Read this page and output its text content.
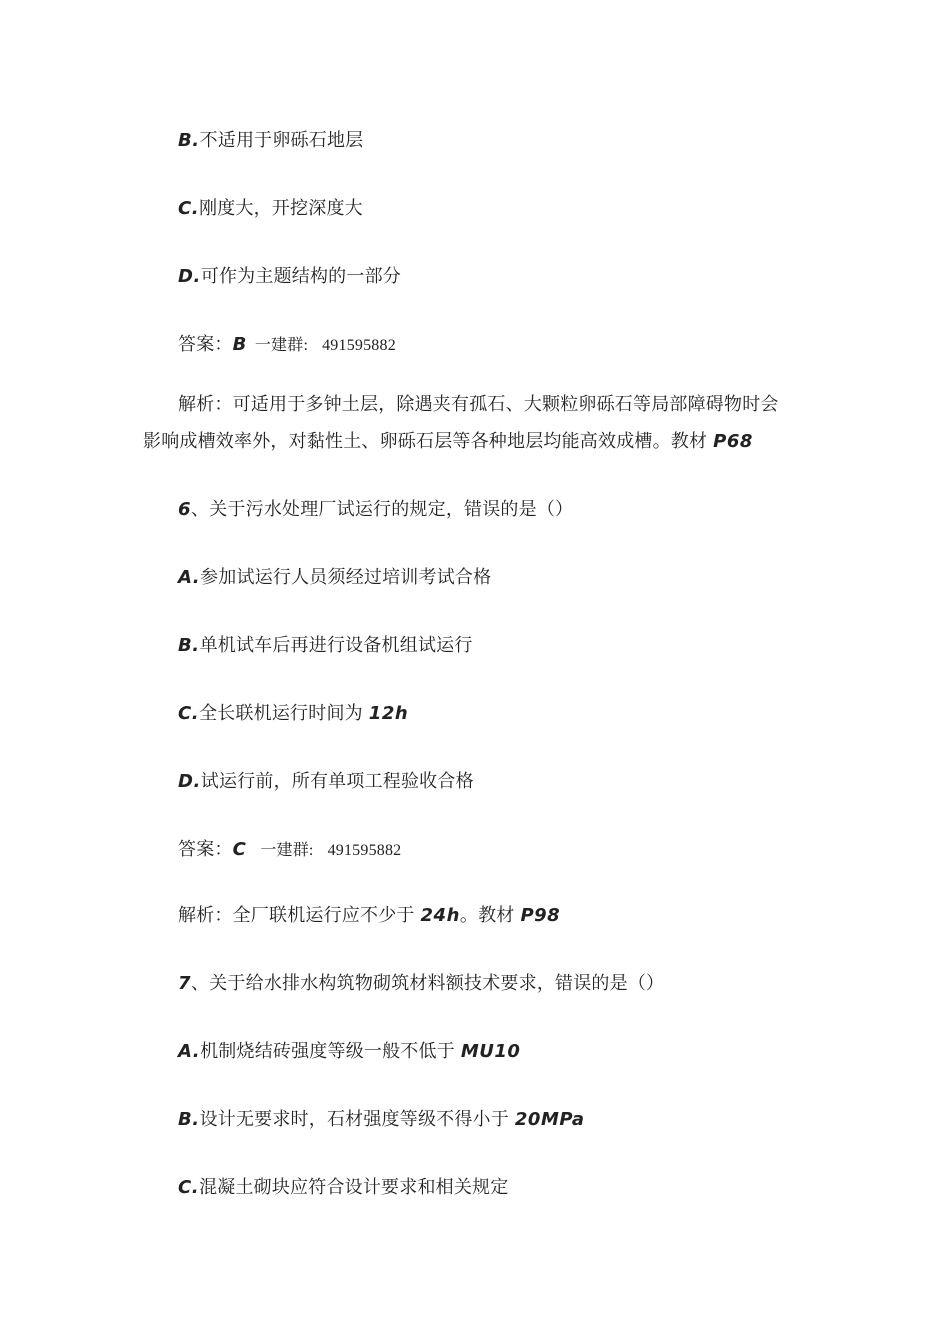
B.不适用于卵砾石地层
C.刚度大，开挖深度大
D.可作为主题结构的一部分
答案：B 一建群: 491595882
解析：可适用于多钟土层，除遇夹有孤石、大颗粒卵砾石等局部障碍物时会
影响成槽效率外，对黏性土、卵砾石层等各种地层均能高效成槽。教材 P68
6、关于污水处理厂试运行的规定，错误的是（）
A.参加试运行人员须经过培训考试合格
B.单机试车后再进行设备机组试运行
C.全长联机运行时间为 12h
D.试运行前，所有单项工程验收合格
答案：C 一建群: 491595882
解析：全厂联机运行应不少于 24h。教材 P98
7、关于给水排水构筑物砌筑材料额技术要求，错误的是（）
A.机制烧结砖强度等级一般不低于 MU10
B.设计无要求时，石材强度等级不得小于 20MPa
C.混凝土砌块应符合设计要求和相关规定
